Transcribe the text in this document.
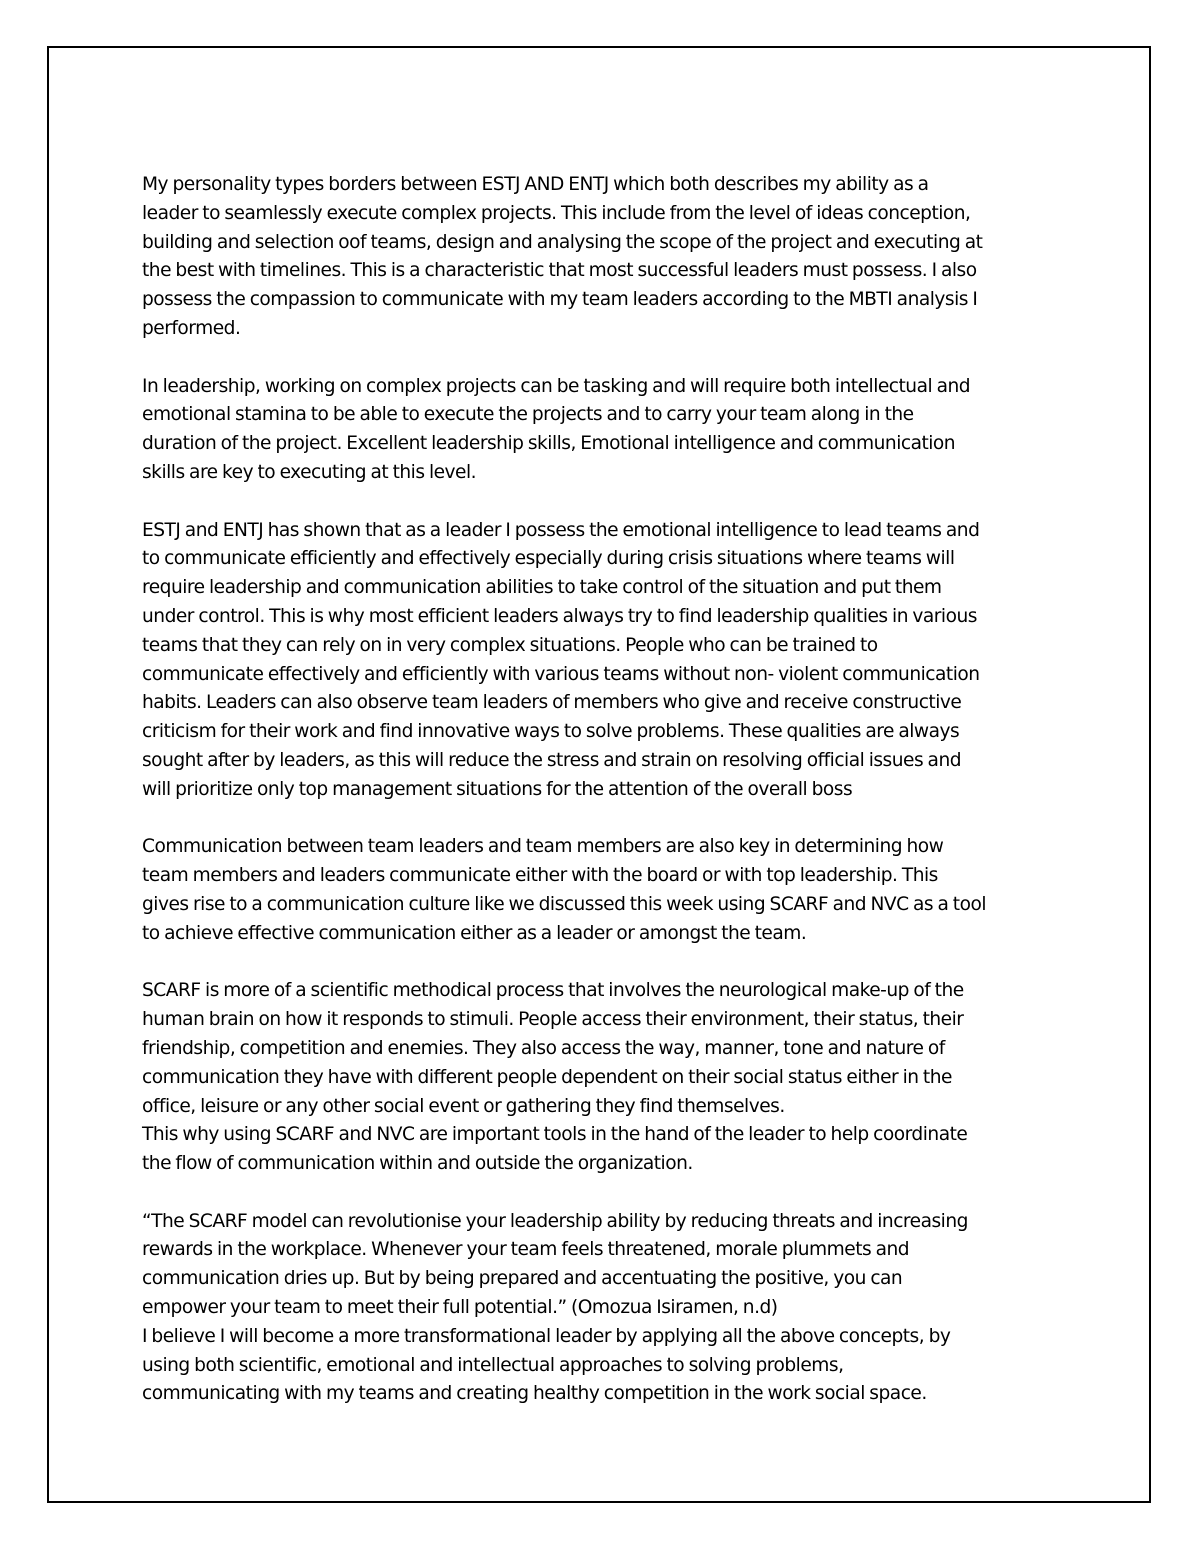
My personality types borders between ESTJ AND ENTJ which both describes my ability as a
leader to seamlessly execute complex projects. This include from the level of ideas conception,
building and selection oof teams, design and analysing the scope of the project and executing at
the best with timelines. This is a characteristic that most successful leaders must possess. I also
possess the compassion to communicate with my team leaders according to the MBTI analysis I
performed.

In leadership, working on complex projects can be tasking and will require both intellectual and
emotional stamina to be able to execute the projects and to carry your team along in the
duration of the project. Excellent leadership skills, Emotional intelligence and communication
skills are key to executing at this level.

ESTJ and ENTJ has shown that as a leader I possess the emotional intelligence to lead teams and
to communicate efficiently and effectively especially during crisis situations where teams will
require leadership and communication abilities to take control of the situation and put them
under control. This is why most efficient leaders always try to find leadership qualities in various
teams that they can rely on in very complex situations. People who can be trained to
communicate effectively and efficiently with various teams without non- violent communication
habits. Leaders can also observe team leaders of members who give and receive constructive
criticism for their work and find innovative ways to solve problems. These qualities are always
sought after by leaders, as this will reduce the stress and strain on resolving official issues and
will prioritize only top management situations for the attention of the overall boss

Communication between team leaders and team members are also key in determining how
team members and leaders communicate either with the board or with top leadership. This
gives rise to a communication culture like we discussed this week using SCARF and NVC as a tool
to achieve effective communication either as a leader or amongst the team.

SCARF is more of a scientific methodical process that involves the neurological make-up of the
human brain on how it responds to stimuli. People access their environment, their status, their
friendship, competition and enemies. They also access the way, manner, tone and nature of
communication they have with different people dependent on their social status either in the
office, leisure or any other social event or gathering they find themselves.
This why using SCARF and NVC are important tools in the hand of the leader to help coordinate
the flow of communication within and outside the organization.

“The SCARF model can revolutionise your leadership ability by reducing threats and increasing
rewards in the workplace. Whenever your team feels threatened, morale plummets and
communication dries up. But by being prepared and accentuating the positive, you can
empower your team to meet their full potential.” (Omozua Isiramen, n.d)
I believe I will become a more transformational leader by applying all the above concepts, by
using both scientific, emotional and intellectual approaches to solving problems,
communicating with my teams and creating healthy competition in the work social space.
